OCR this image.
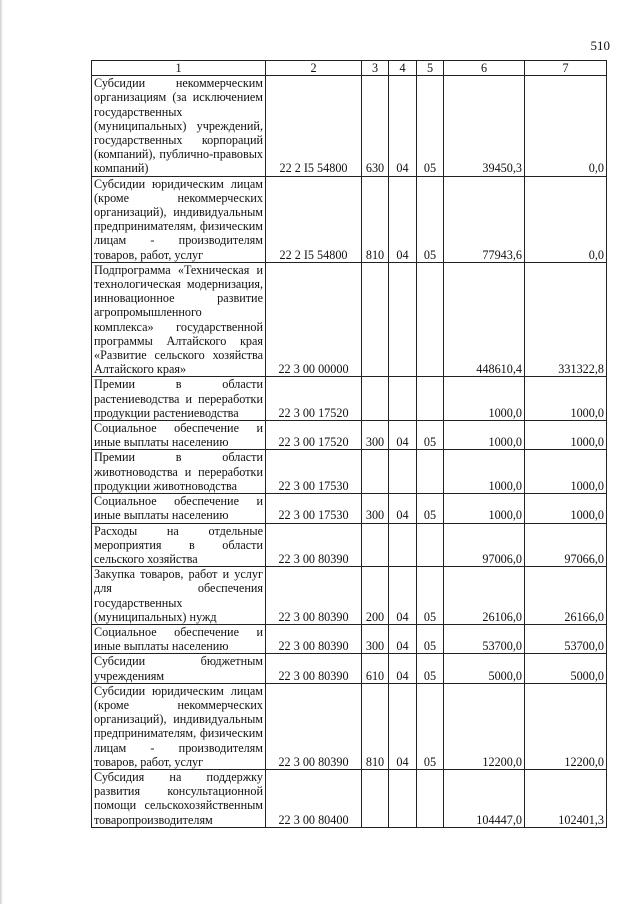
510
1	2	3	4	5	6	7
Субсидии некоммерческим организациям (за исключением государственных (муниципальных) учреждений, государственных корпораций (компаний), публично-правовых компаний)	22 2 I5 54800	630	04	05	39450,3	0,0
Субсидии юридическим лицам (кроме некоммерческих организаций), индивидуальным предпринимателям, физическим лицам - производителям товаров, работ, услуг	22 2 I5 54800	810	04	05	77943,6	0,0
Подпрограмма «Техническая и технологическая модернизация, инновационное развитие агропромышленного комплекса» государственной программы Алтайского края «Развитие сельского хозяйства Алтайского края»	22 3 00 00000				448610,4	331322,8
Премии в области растениеводства и переработки продукции растениеводства	22 3 00 17520				1000,0	1000,0
Социальное обеспечение и иные выплаты населению	22 3 00 17520	300	04	05	1000,0	1000,0
Премии в области животноводства и переработки продукции животноводства	22 3 00 17530				1000,0	1000,0
Социальное обеспечение и иные выплаты населению	22 3 00 17530	300	04	05	1000,0	1000,0
Расходы на отдельные мероприятия в области сельского хозяйства	22 3 00 80390				97006,0	97066,0
Закупка товаров, работ и услуг для обеспечения государственных (муниципальных) нужд	22 3 00 80390	200	04	05	26106,0	26166,0
Социальное обеспечение и иные выплаты населению	22 3 00 80390	300	04	05	53700,0	53700,0
Субсидии бюджетным учреждениям	22 3 00 80390	610	04	05	5000,0	5000,0
Субсидии юридическим лицам (кроме некоммерческих организаций), индивидуальным предпринимателям, физическим лицам - производителям товаров, работ, услуг	22 3 00 80390	810	04	05	12200,0	12200,0
Субсидия на поддержку развития консультационной помощи сельскохозяйственным товаропроизводителям	22 3 00 80400				104447,0	102401,3
